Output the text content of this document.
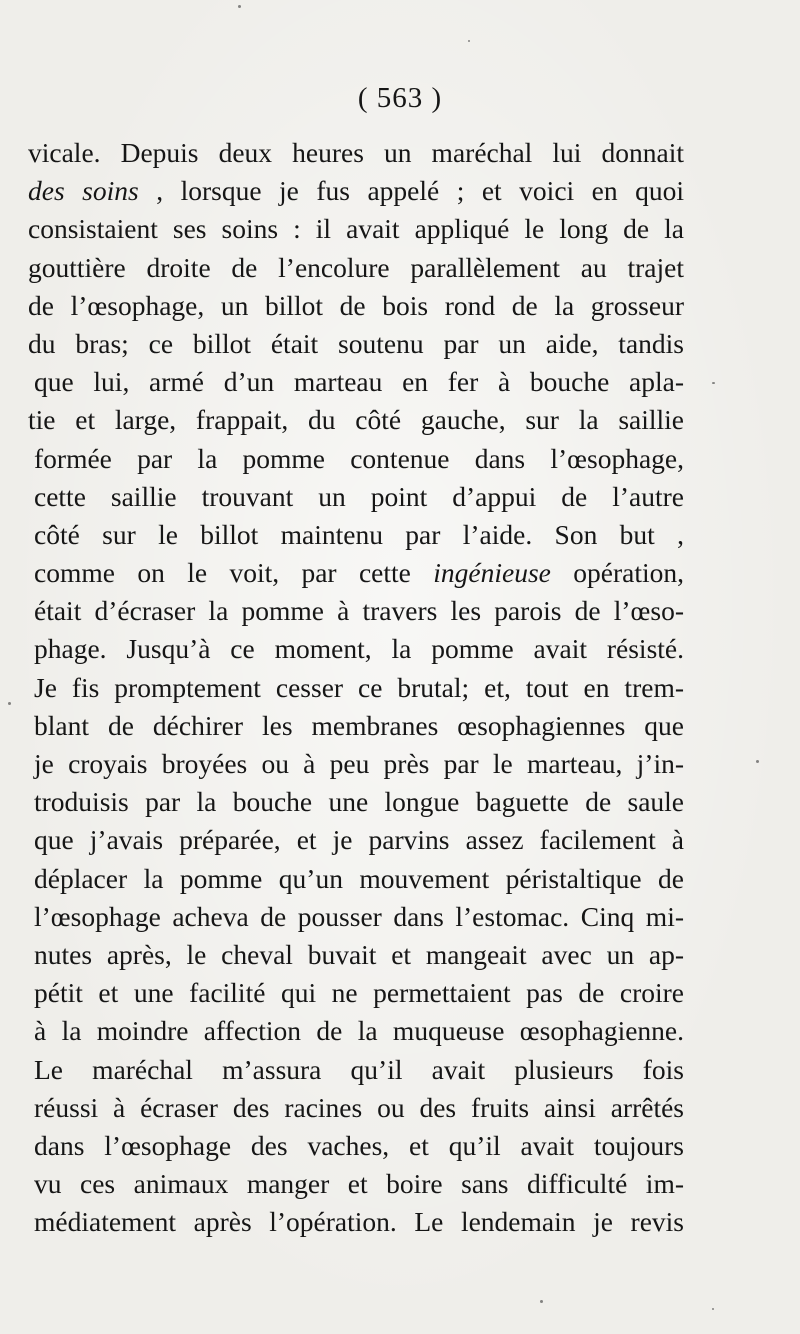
( 563 )
vicale. Depuis deux heures un maréchal lui donnait
des soins , lorsque je fus appelé ; et voici en quoi
consistaient ses soins : il avait appliqué le long de la
gouttière droite de l’encolure parallèlement au trajet
de l’œsophage, un billot de bois rond de la grosseur
du bras; ce billot était soutenu par un aide, tandis
que lui, armé d’un marteau en fer à bouche apla-
tie et large, frappait, du côté gauche, sur la saillie
formée par la pomme contenue dans l’œsophage,
cette saillie trouvant un point d’appui de l’autre
côté sur le billot maintenu par l’aide. Son but ,
comme on le voit, par cette ingénieuse opération,
était d’écraser la pomme à travers les parois de l’œso-
phage. Jusqu’à ce moment, la pomme avait résisté.
Je fis promptement cesser ce brutal; et, tout en trem-
blant de déchirer les membranes œsophagiennes que
je croyais broyées ou à peu près par le marteau, j’in-
troduisis par la bouche une longue baguette de saule
que j’avais préparée, et je parvins assez facilement à
déplacer la pomme qu’un mouvement péristaltique de
l’œsophage acheva de pousser dans l’estomac. Cinq mi-
nutes après, le cheval buvait et mangeait avec un ap-
pétit et une facilité qui ne permettaient pas de croire
à la moindre affection de la muqueuse œsophagienne.
Le maréchal m’assura qu’il avait plusieurs fois
réussi à écraser des racines ou des fruits ainsi arrêtés
dans l’œsophage des vaches, et qu’il avait toujours
vu ces animaux manger et boire sans difficulté im-
médiatement après l’opération. Le lendemain je revis
